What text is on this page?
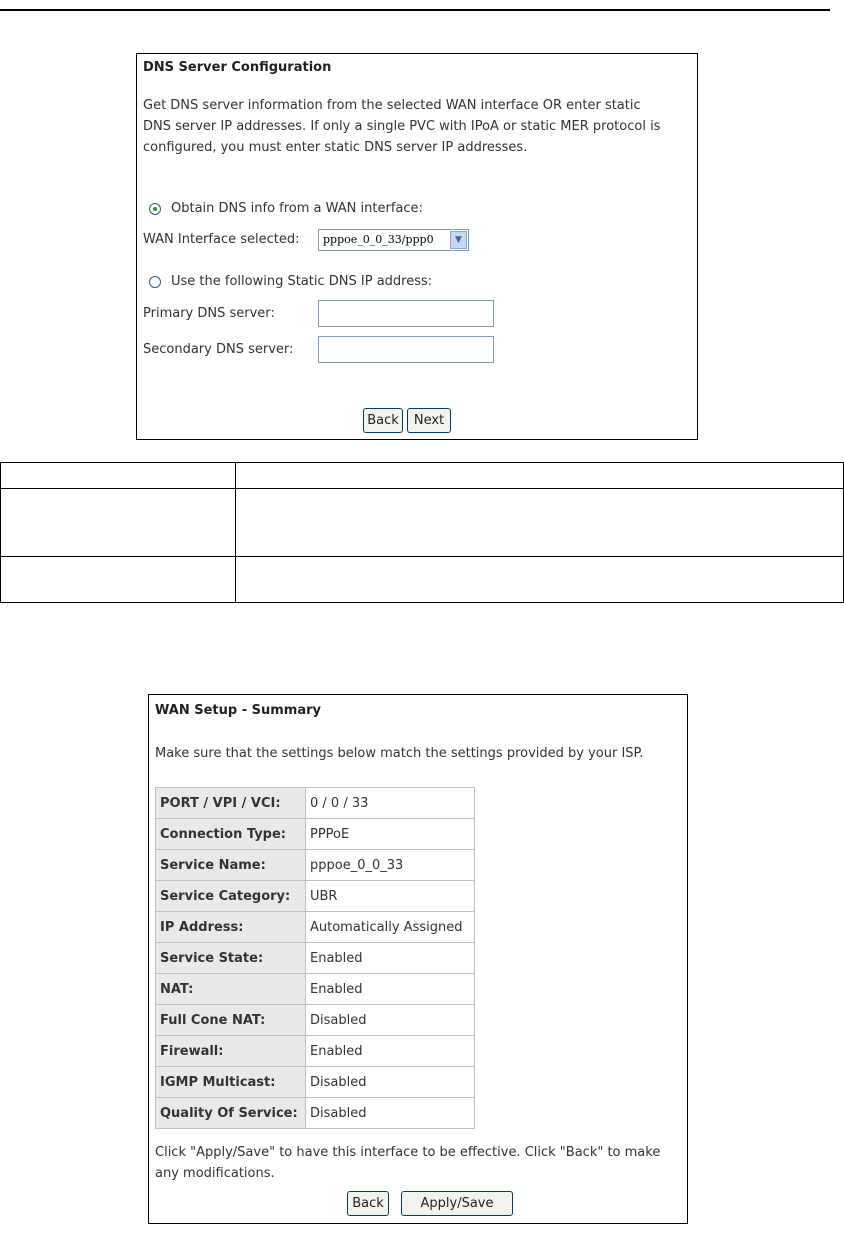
DNS Server Configuration
Get DNS server information from the selected WAN interface OR enter static
DNS server IP addresses. If only a single PVC with IPoA or static MER protocol is
configured, you must enter static DNS server IP addresses.
Obtain DNS info from a WAN interface:
WAN Interface selected: pppoe_0_0_33/ppp0	▼
Use the following Static DNS IP address:
Primary DNS server:
Secondary DNS server:
Back	Next

WAN Setup - Summary
Make sure that the settings below match the settings provided by your ISP.
PORT / VPI / VCI:	0 / 0 / 33
Connection Type:	PPPoE
Service Name:	pppoe_0_0_33
Service Category:	UBR
IP Address:	Automatically Assigned
Service State:	Enabled
NAT:	Enabled
Full Cone NAT:	Disabled
Firewall:	Enabled
IGMP Multicast:	Disabled
Quality Of Service:	Disabled
Click "Apply/Save" to have this interface to be effective. Click "Back" to make
any modifications.
Back	Apply/Save
